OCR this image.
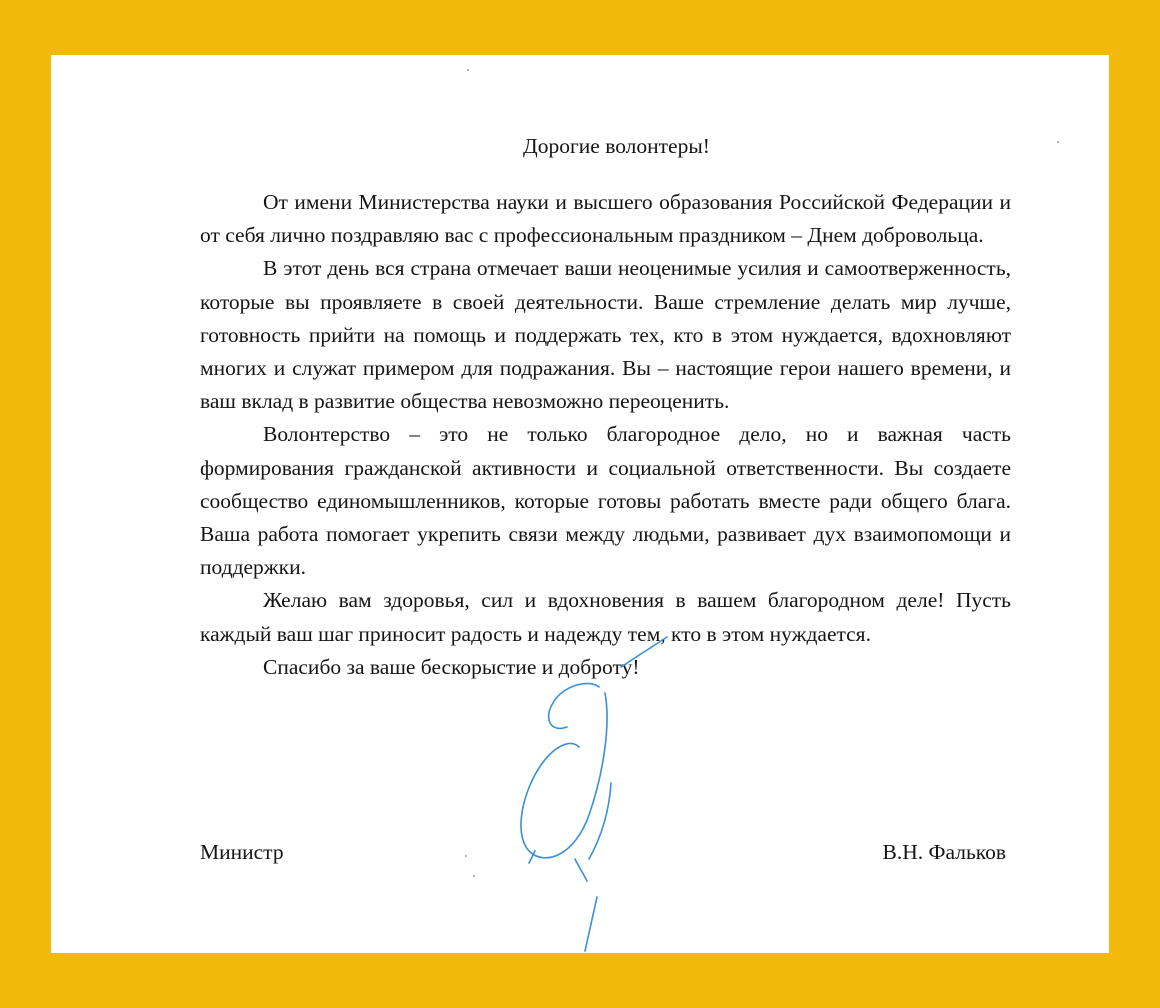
Дорогие волонтеры!

От имени Министерства науки и высшего образования Российской Федерации и от себя лично поздравляю вас с профессиональным праздником – Днем добровольца.

В этот день вся страна отмечает ваши неоценимые усилия и самоотверженность, которые вы проявляете в своей деятельности. Ваше стремление делать мир лучше, готовность прийти на помощь и поддержать тех, кто в этом нуждается, вдохновляют многих и служат примером для подражания. Вы – настоящие герои нашего времени, и ваш вклад в развитие общества невозможно переоценить.

Волонтерство – это не только благородное дело, но и важная часть формирования гражданской активности и социальной ответственности. Вы создаете сообщество единомышленников, которые готовы работать вместе ради общего блага. Ваша работа помогает укрепить связи между людьми, развивает дух взаимопомощи и поддержки.

Желаю вам здоровья, сил и вдохновения в вашем благородном деле! Пусть каждый ваш шаг приносит радость и надежду тем, кто в этом нуждается.

Спасибо за ваше бескорыстие и доброту!

Министр	В.Н. Фальков
